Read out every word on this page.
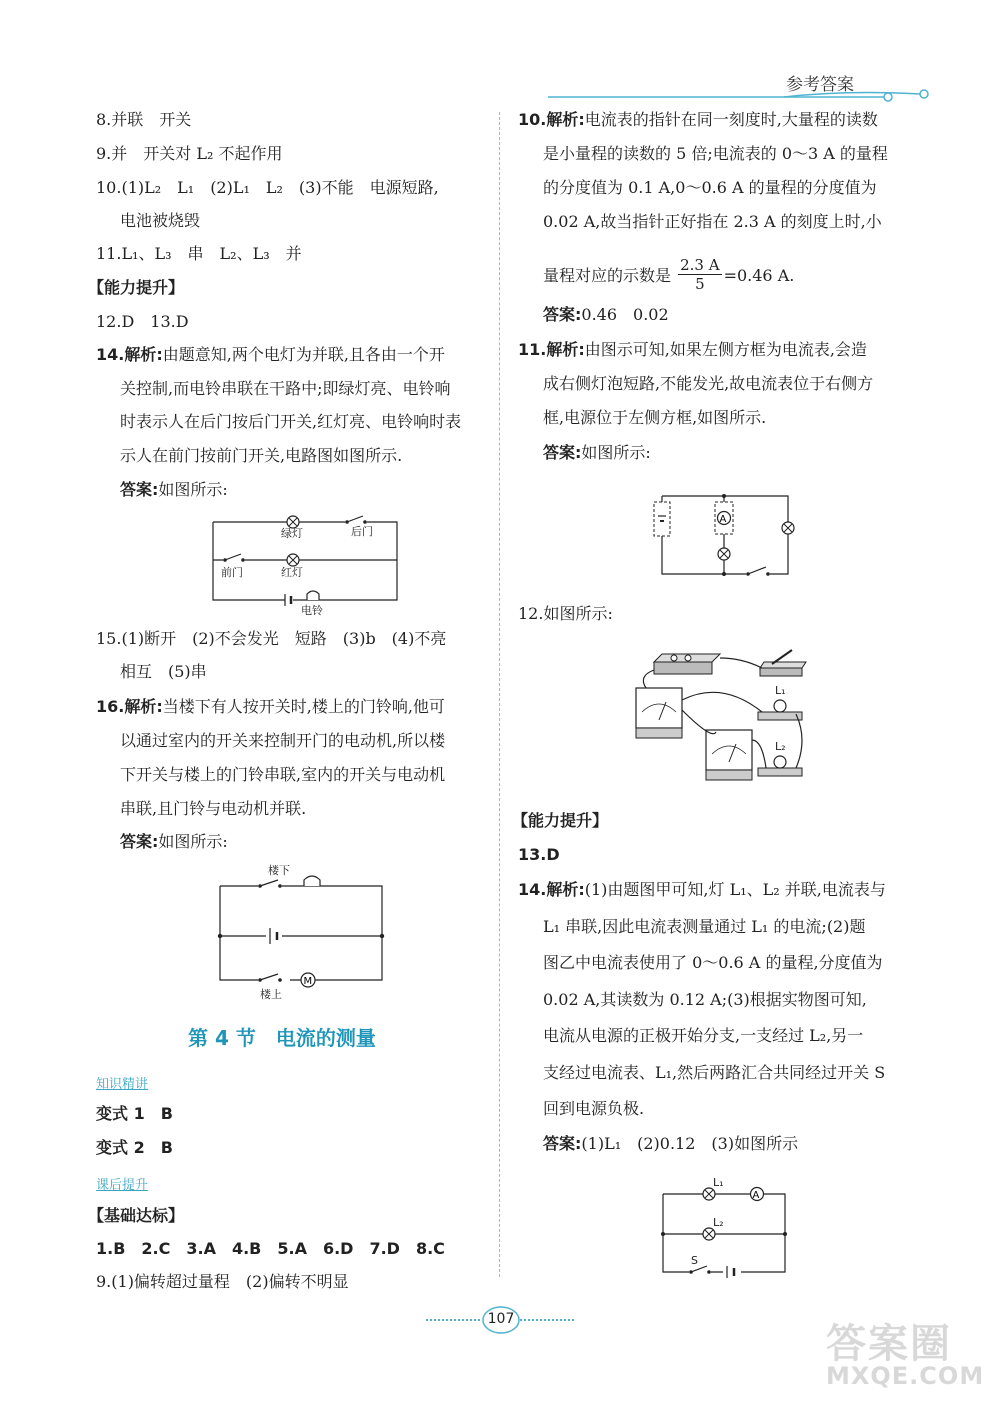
参考答案
8.并联　开关
9.并　开关对 L₂ 不起作用
10.(1)L₂　L₁　(2)L₁　L₂　(3)不能　电源短路,
电池被烧毁
11.L₁、L₃　串　L₂、L₃　并
【能力提升】
12.D　13.D
14.解析:由题意知,两个电灯为并联,且各由一个开
关控制,而电铃串联在干路中;即绿灯亮、电铃响
时表示人在后门按后门开关,红灯亮、电铃响时表
示人在前门按前门开关,电路图如图所示.
答案:如图所示:
绿灯	后门
前门	红灯
电铃
15.(1)断开　(2)不会发光　短路　(3)b　(4)不亮
相互　(5)串
16.解析:当楼下有人按开关时,楼上的门铃响,他可
以通过室内的开关来控制开门的电动机,所以楼
下开关与楼上的门铃串联,室内的开关与电动机
串联,且门铃与电动机并联.
答案:如图所示:
M
楼下
楼上
第 4 节　电流的测量
知识精讲
变式 1　B
变式 2　B
课后提升
【基础达标】
1.B　2.C　3.A　4.B　5.A　6.D　7.D　8.C
9.(1)偏转超过量程　(2)偏转不明显
10.解析:电流表的指针在同一刻度时,大量程的读数
是小量程的读数的 5 倍;电流表的 0～3 A 的量程
的分度值为 0.1 A,0～0.6 A 的量程的分度值为
0.02 A,故当指针正好指在 2.3 A 的刻度上时,小
量程对应的示数是 $\frac{2.3 A}{5} =0.46$ A.
答案:0.46　0.02
11.解析:由图示可知,如果左侧方框为电流表,会造
成右侧灯泡短路,不能发光,故电流表位于右侧方
框,电源位于左侧方框,如图所示.
答案:如图所示:
A
12.如图所示:
L₁
L₂
【能力提升】
13.D
14.解析:(1)由题图甲可知,灯 L₁、L₂ 并联,电流表与
L₁ 串联,因此电流表测量通过 L₁ 的电流;(2)题
图乙中电流表使用了 0～0.6 A 的量程,分度值为
0.02 A,其读数为 0.12 A;(3)根据实物图可知,
电流从电源的正极开始分支,一支经过 L₂,另一
支经过电流表、L₁,然后两路汇合共同经过开关 S
回到电源负极.
答案:(1)L₁　(2)0.12　(3)如图所示
A
L₁
L₂
S
107
答案圈
MXQE.COM
